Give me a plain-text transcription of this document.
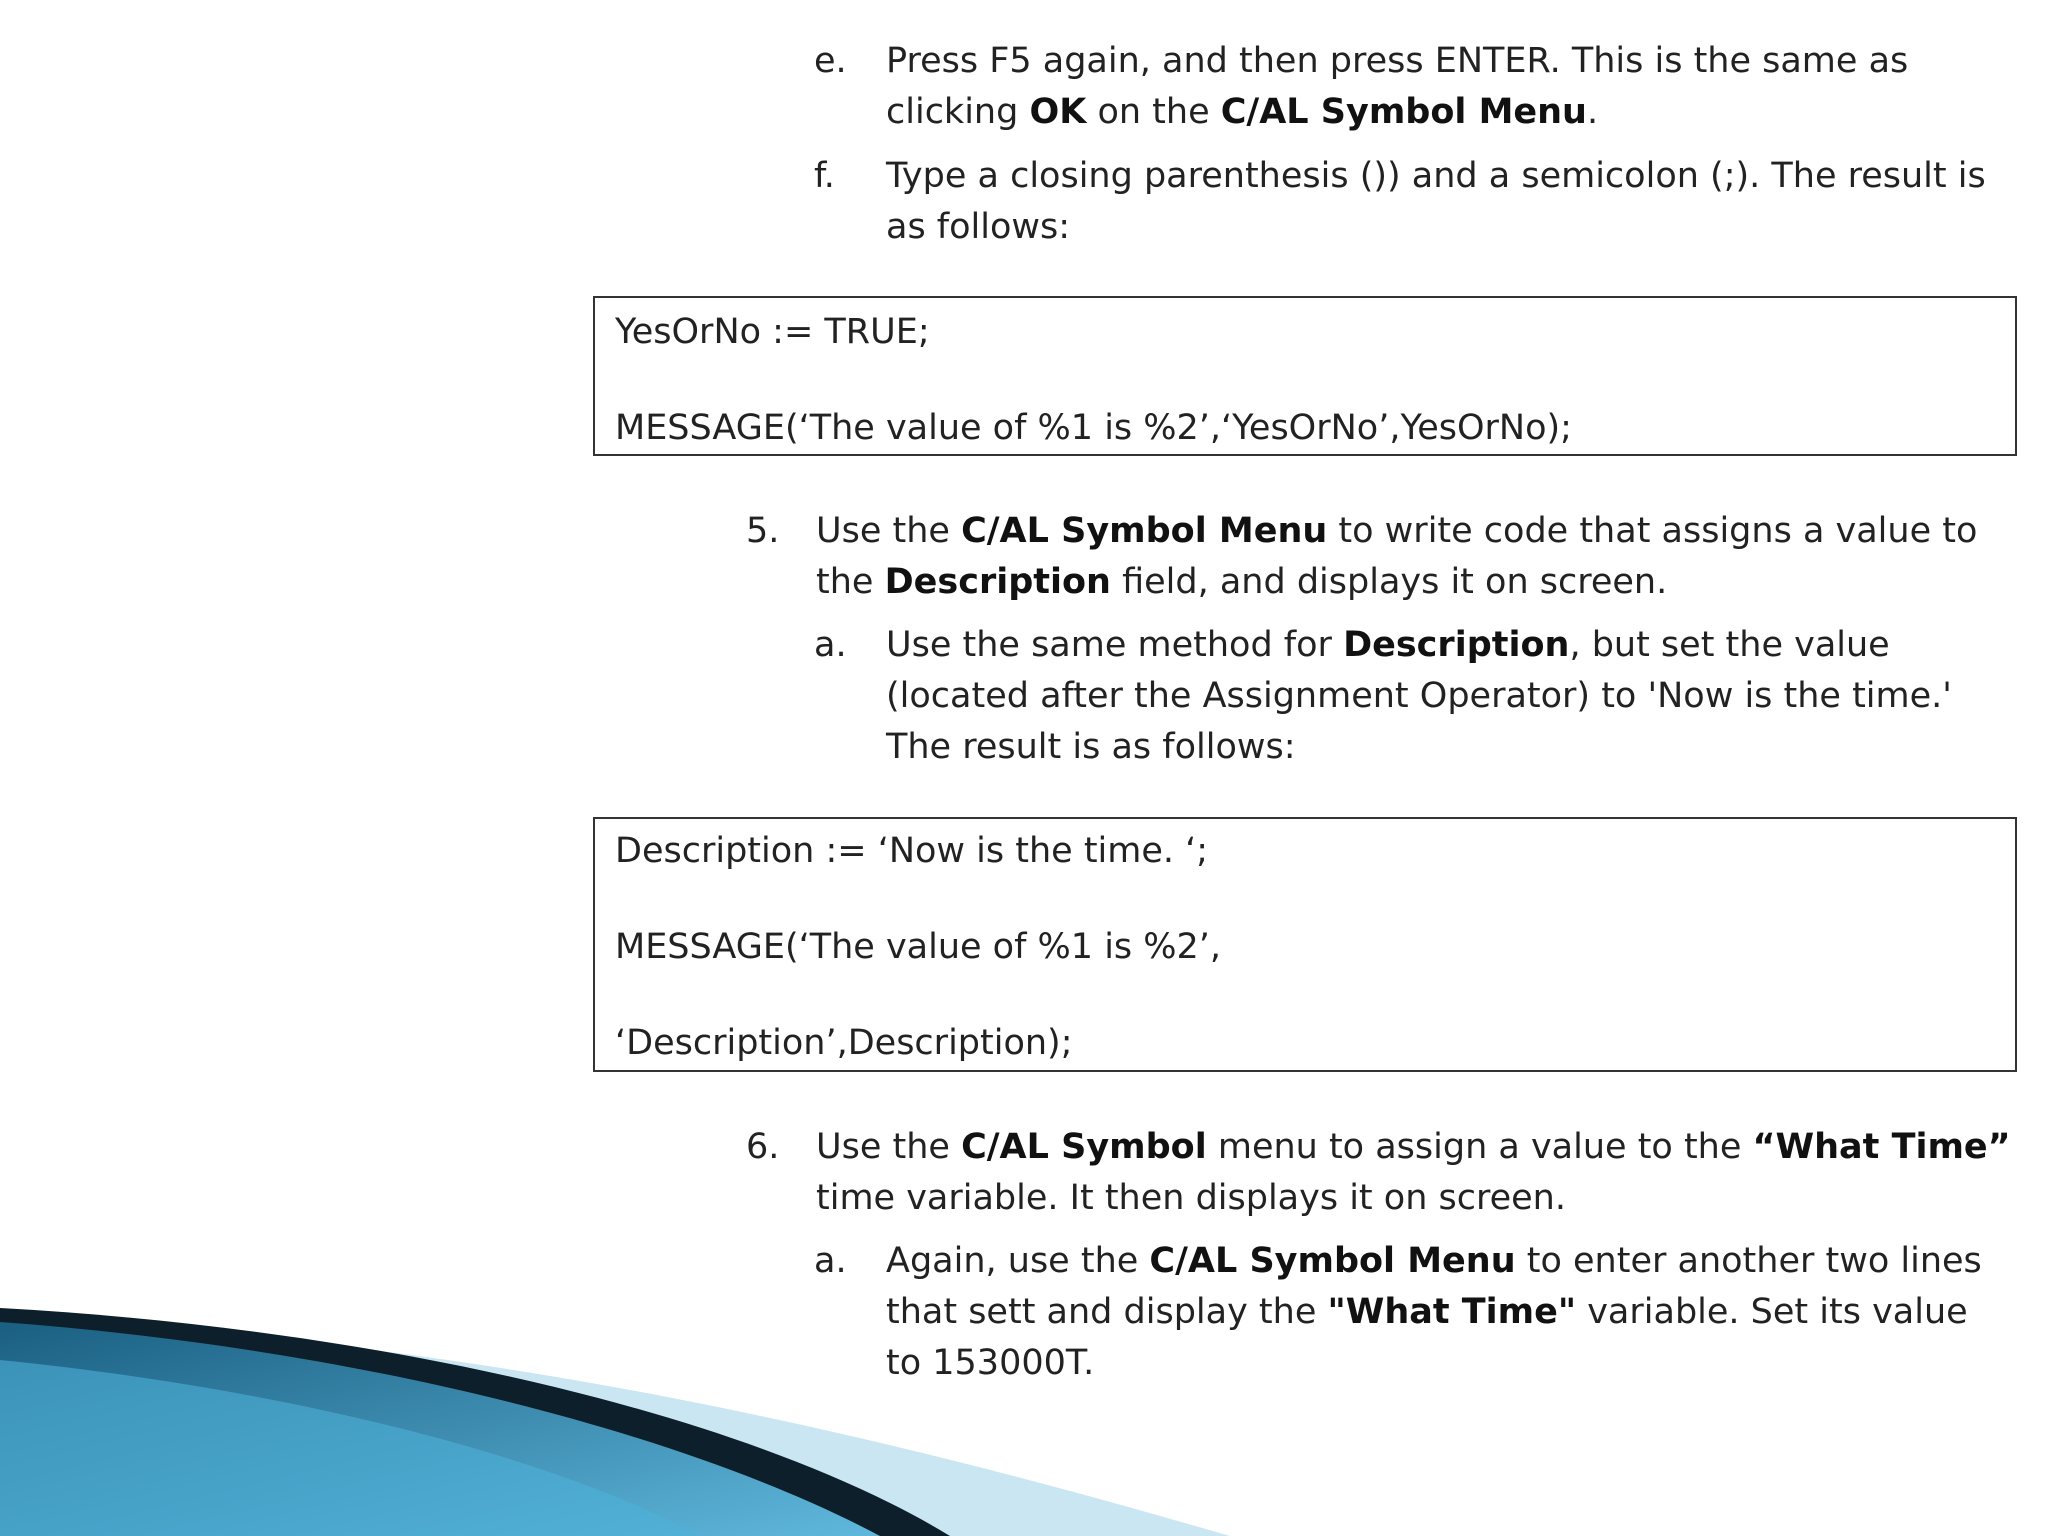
e. Press F5 again, and then press ENTER. This is the same as clicking OK on the C/AL Symbol Menu.
f. Type a closing parenthesis ()) and a semicolon (;). The result is as follows:
YesOrNo := TRUE;
MESSAGE(‘The value of %1 is %2’,‘YesOrNo’,YesOrNo);
5. Use the C/AL Symbol Menu to write code that assigns a value to the Description field, and displays it on screen.
a. Use the same method for Description, but set the value (located after the Assignment Operator) to 'Now is the time.' The result is as follows:
Description := ‘Now is the time. ‘;
MESSAGE(‘The value of %1 is %2’,
‘Description’,Description);
6. Use the C/AL Symbol menu to assign a value to the “What Time” time variable. It then displays it on screen.
a. Again, use the C/AL Symbol Menu to enter another two lines that sett and display the "What Time" variable. Set its value to 153000T.
